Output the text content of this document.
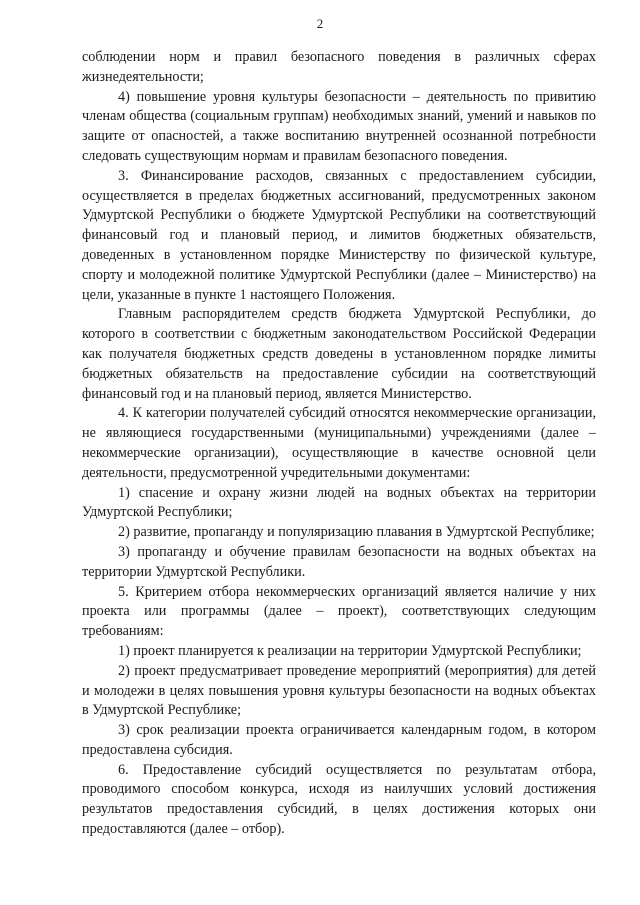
2

соблюдении норм и правил безопасного поведения в различных сферах жизнедеятельности;

4) повышение уровня культуры безопасности – деятельность по привитию членам общества (социальным группам) необходимых знаний, умений и навыков по защите от опасностей, а также воспитанию внутренней осознанной потребности следовать существующим нормам и правилам безопасного поведения.

3. Финансирование расходов, связанных с предоставлением субсидии, осуществляется в пределах бюджетных ассигнований, предусмотренных законом Удмуртской Республики о бюджете Удмуртской Республики на соответствующий финансовый год и плановый период, и лимитов бюджетных обязательств, доведенных в установленном порядке Министерству по физической культуре, спорту и молодежной политике Удмуртской Республики (далее – Министерство) на цели, указанные в пункте 1 настоящего Положения.

Главным распорядителем средств бюджета Удмуртской Республики, до которого в соответствии с бюджетным законодательством Российской Федерации как получателя бюджетных средств доведены в установленном порядке лимиты бюджетных обязательств на предоставление субсидии на соответствующий финансовый год и на плановый период, является Министерство.

4. К категории получателей субсидий относятся некоммерческие организации, не являющиеся государственными (муниципальными) учреждениями (далее – некоммерческие организации), осуществляющие в качестве основной цели деятельности, предусмотренной учредительными документами:

1) спасение и охрану жизни людей на водных объектах на территории Удмуртской Республики;

2) развитие, пропаганду и популяризацию плавания в Удмуртской Республике;

3) пропаганду и обучение правилам безопасности на водных объектах на территории Удмуртской Республики.

5. Критерием отбора некоммерческих организаций является наличие у них проекта или программы (далее – проект), соответствующих следующим требованиям:

1) проект планируется к реализации на территории Удмуртской Республики;

2) проект предусматривает проведение мероприятий (мероприятия) для детей и молодежи в целях повышения уровня культуры безопасности на водных объектах в Удмуртской Республике;

3) срок реализации проекта ограничивается календарным годом, в котором предоставлена субсидия.

6. Предоставление субсидий осуществляется по результатам отбора, проводимого способом конкурса, исходя из наилучших условий достижения результатов предоставления субсидий, в целях достижения которых они предоставляются (далее – отбор).
